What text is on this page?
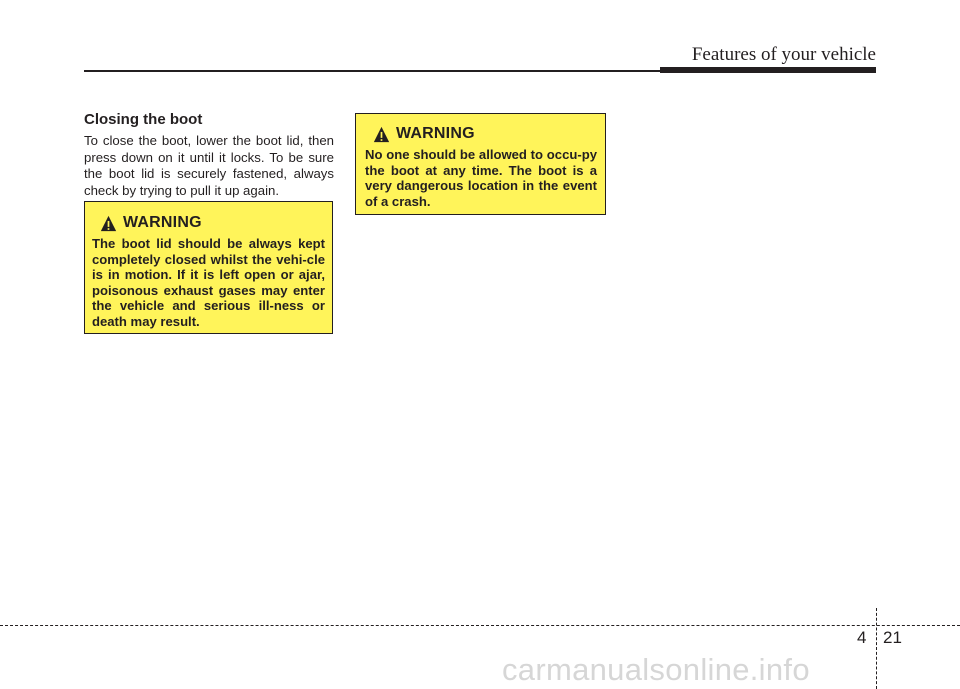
Features of your vehicle
Closing the boot

To close the boot, lower the boot lid, then press down on it until it locks. To be sure the boot lid is securely fastened, always check by trying to pull it up again.

WARNING

The boot lid should be always kept completely closed whilst the vehi-cle is in motion. If it is left open or ajar, poisonous exhaust gases may enter the vehicle and serious ill-ness or death may result.

WARNING

No one should be allowed to occu-py the boot at any time. The boot is a very dangerous location in the event of a crash.

4 21
carmanualsonline.info
